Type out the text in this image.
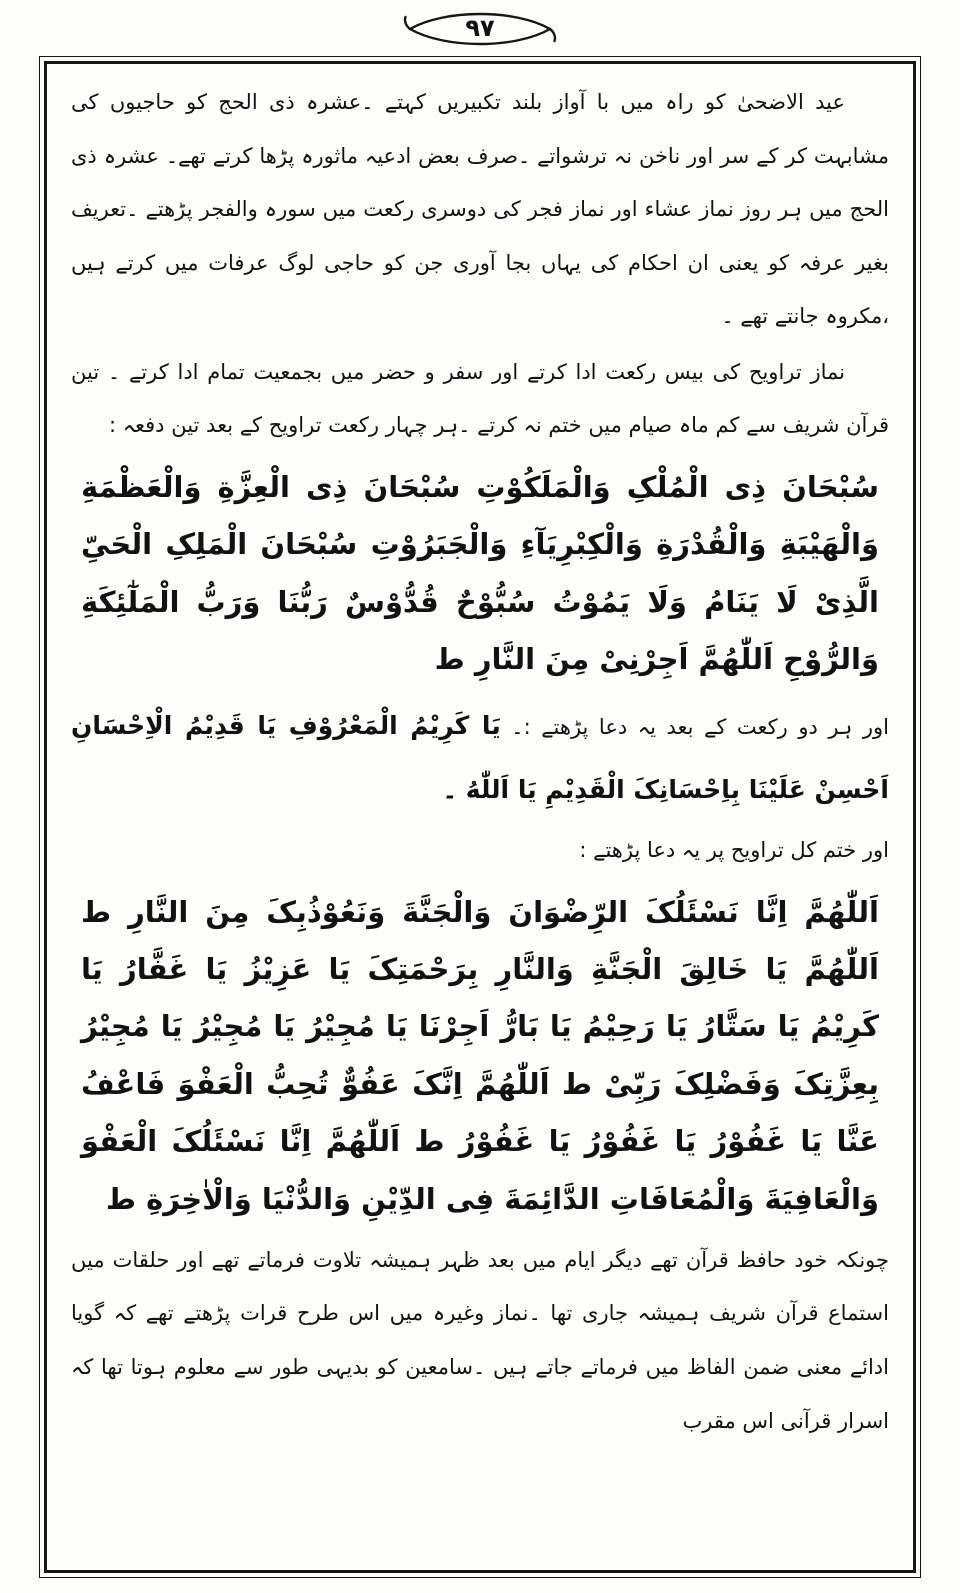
٩٧

عید الاضحیٰ کو راہ میں با آواز بلند تکبیریں کہتے ۔عشرہ ذی الحج کو حاجیوں کی مشابہت کر کے سر اور ناخن نہ ترشواتے ۔صرف بعض ادعیہ ماثورہ پڑھا کرتے تھے۔ عشرہ ذی الحج میں ہر روز نماز عشاء اور نماز فجر کی دوسری رکعت میں سورہ والفجر پڑھتے ۔تعریف بغیر عرفہ کو یعنی ان احکام کی یہاں بجا آوری جن کو حاجی لوگ عرفات میں کرتے ہیں ،مکروہ جانتے تھے ۔

نماز تراویح کی بیس رکعت ادا کرتے اور سفر و حضر میں بجمعیت تمام ادا کرتے ۔ تین قرآن شریف سے کم ماہ صیام میں ختم نہ کرتے ۔ہر چہار رکعت تراویح کے بعد تین دفعہ :

سُبْحَانَ ذِی الْمُلْکِ وَالْمَلَکُوْتِ سُبْحَانَ ذِی الْعِزَّةِ وَالْعَظْمَةِ وَالْهَیْبَةِ وَالْقُدْرَةِ وَالْکِبْرِیَآءِ وَالْجَبَرُوْتِ سُبْحَانَ الْمَلِکِ الْحَیِّ الَّذِیْ لَا یَنَامُ وَلَا یَمُوْتُ سُبُّوْحٌ قُدُّوْسٌ رَبُّنَا وَرَبُّ الْمَلٰٓئِکَةِ وَالرُّوْحِ اَللّٰهُمَّ اَجِرْنِیْ مِنَ النَّارِ ط

اور ہر دو رکعت کے بعد یہ دعا پڑھتے :۔ یَا کَرِیْمُ الْمَعْرُوْفِ یَا قَدِیْمُ الْاِحْسَانِ اَحْسِنْ عَلَیْنَا بِاِحْسَانِکَ الْقَدِیْمِ یَا اَللّٰهُ ۔

اور ختم کل تراویح پر یہ دعا پڑھتے :

اَللّٰهُمَّ اِنَّا نَسْئَلُکَ الرِّضْوَانَ وَالْجَنَّةَ وَنَعُوْذُبِکَ مِنَ النَّارِ ط اَللّٰهُمَّ یَا خَالِقَ الْجَنَّةِ وَالنَّارِ بِرَحْمَتِکَ یَا عَزِیْزُ یَا غَفَّارُ یَا کَرِیْمُ یَا سَتَّارُ یَا رَحِیْمُ یَا بَارُّ اَجِرْنَا یَا مُجِیْرُ یَا مُجِیْرُ یَا مُجِیْرُ بِعِزَّتِکَ وَفَضْلِکَ رَبِّیْ ط اَللّٰهُمَّ اِنَّکَ عَفُوٌّ تُحِبُّ الْعَفْوَ فَاعْفُ عَنَّا یَا غَفُوْرُ یَا غَفُوْرُ یَا غَفُوْرُ ط اَللّٰهُمَّ اِنَّا نَسْئَلُکَ الْعَفْوَ وَالْعَافِیَةَ وَالْمُعَافَاتِ الدَّائِمَةَ فِی الدِّیْنِ وَالدُّنْیَا وَالْاٰخِرَةِ ط

چونکہ خود حافظ قرآن تھے دیگر ایام میں بعد ظہر ہمیشہ تلاوت فرماتے تھے اور حلقات میں استماع قرآن شریف ہمیشہ جاری تھا ۔نماز وغیرہ میں اس طرح قرات پڑھتے تھے کہ گویا ادائے معنی ضمن الفاظ میں فرماتے جاتے ہیں ۔سامعین کو بدیہی طور سے معلوم ہوتا تھا کہ اسرار قرآنی اس مقرب
